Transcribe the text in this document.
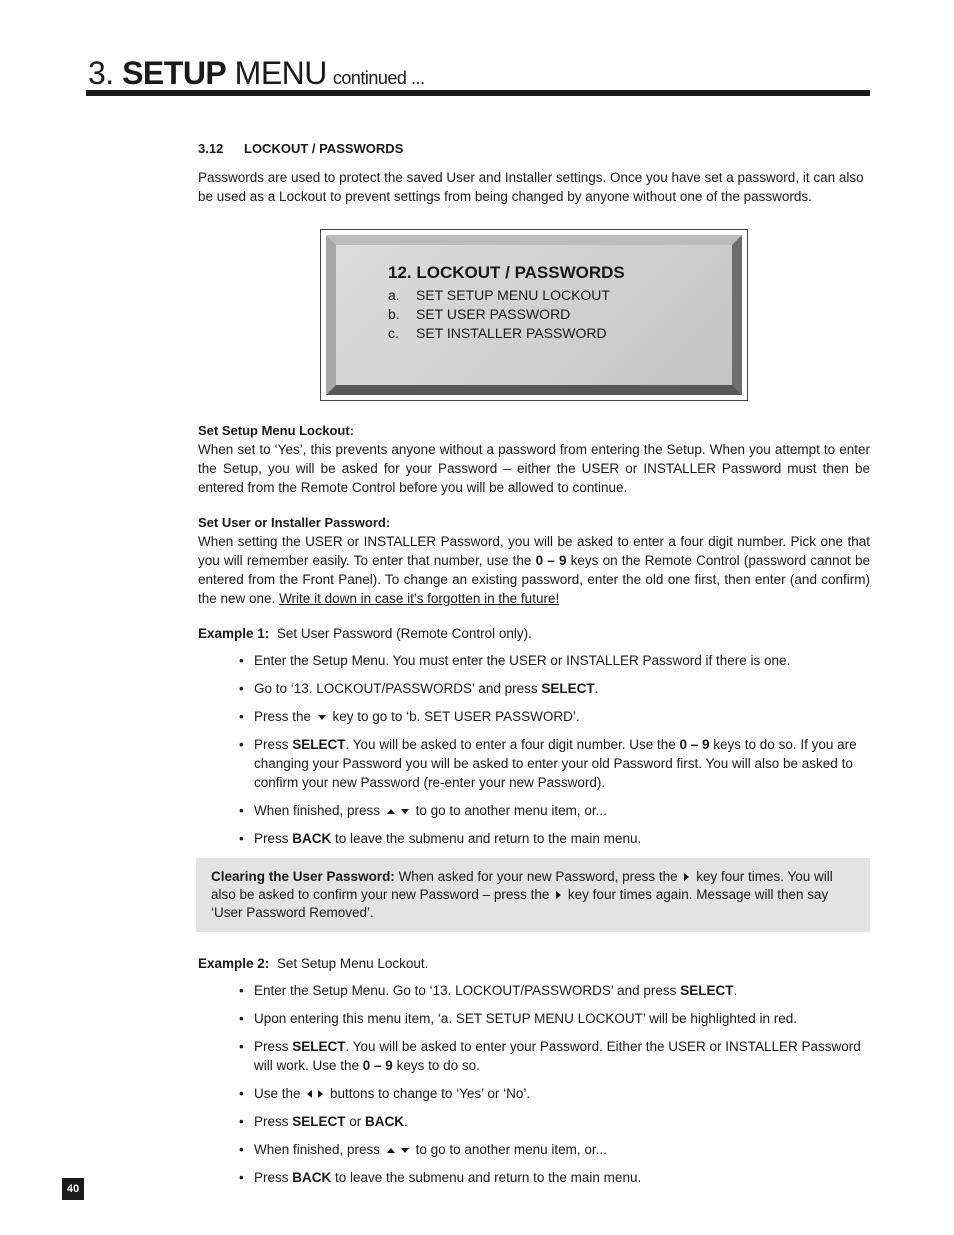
3. SETUP MENU continued ...
3.12 LOCKOUT / PASSWORDS

Passwords are used to protect the saved User and Installer settings. Once you have set a password, it can also be used as a Lockout to prevent settings from being changed by anyone without one of the passwords.

12. LOCKOUT / PASSWORDS
a. SET SETUP MENU LOCKOUT
b. SET USER PASSWORD
c. SET INSTALLER PASSWORD
Set Setup Menu Lockout:

When set to ‘Yes’, this prevents anyone without a password from entering the Setup. When you attempt to enter the Setup, you will be asked for your Password – either the USER or INSTALLER Password must then be entered from the Remote Control before you will be allowed to continue.

Set User or Installer Password:

When setting the USER or INSTALLER Password, you will be asked to enter a four digit number. Pick one that you will remember easily. To enter that number, use the 0 – 9 keys on the Remote Control (password cannot be entered from the Front Panel). To change an existing password, enter the old one first, then enter (and confirm) the new one. Write it down in case it’s forgotten in the future!

Example 1: Set User Password (Remote Control only).

• Enter the Setup Menu. You must enter the USER or INSTALLER Password if there is one.
• Go to ‘13. LOCKOUT/PASSWORDS’ and press SELECT.
• Press the  key to go to ‘b. SET USER PASSWORD’.
• Press SELECT. You will be asked to enter a four digit number. Use the 0 – 9 keys to do so. If you are changing your Password you will be asked to enter your old Password first. You will also be asked to confirm your new Password (re-enter your new Password).
• When finished, press  to go to another menu item, or...
• Press BACK to leave the submenu and return to the main menu.
Clearing the User Password: When asked for your new Password, press the  key four times. You will also be asked to confirm your new Password – press the  key four times again. Message will then say ‘User Password Removed’.

Example 2: Set Setup Menu Lockout.

• Enter the Setup Menu. Go to ‘13. LOCKOUT/PASSWORDS’ and press SELECT.
• Upon entering this menu item, ‘a. SET SETUP MENU LOCKOUT’ will be highlighted in red.
• Press SELECT. You will be asked to enter your Password. Either the USER or INSTALLER Password will work. Use the 0 – 9 keys to do so.
• Use the  buttons to change to ‘Yes’ or ‘No’.
• Press SELECT or BACK.
• When finished, press  to go to another menu item, or...
• Press BACK to leave the submenu and return to the main menu.
40
